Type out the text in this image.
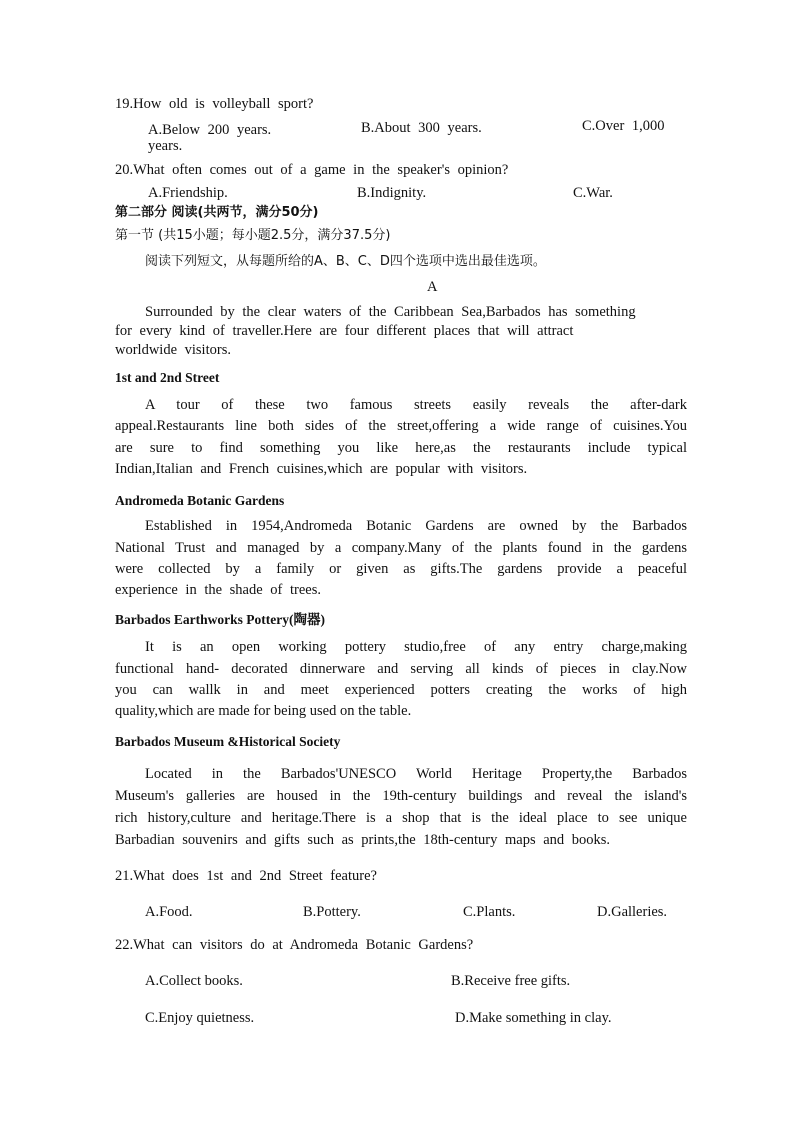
19.How old is volleyball sport?
A.Below 200 years.	B.About 300 years.	C.Over 1,000
years.
20.What often comes out of a game in the speaker's opinion?
A.Friendship.	B.Indignity.	C.War.
第二部分 阅读(共两节，满分50分)
第一节 (共15小题；每小题2.5分，满分37.5分)
阅读下列短文，从每题所给的A、B、C、D四个选项中选出最佳选项。
A
Surrounded by the clear waters of the Caribbean Sea,Barbados has something
for every kind of traveller.Here are four different places that will attract
worldwide visitors.
1st and 2nd Street
A tour of these two famous streets easily reveals the after-dark
appeal.Restaurants line both sides of the street,offering a wide range of cuisines.You
are sure to find something you like here,as the restaurants include typical
Indian,Italian and French cuisines,which are popular with visitors.
Andromeda Botanic Gardens
Established in 1954,Andromeda Botanic Gardens are owned by the Barbados
National Trust and managed by a company.Many of the plants found in the gardens
were collected by a family or given as gifts.The gardens provide a peaceful
experience in the shade of trees.
Barbados Earthworks Pottery(陶器)
It is an open working pottery studio,free of any entry charge,making
functional hand- decorated dinnerware and serving all kinds of pieces in clay.Now
you can wallk in and meet experienced potters creating the works of high
quality,which are made for being used on the table.
Barbados Museum &Historical Society
Located in the Barbados'UNESCO World Heritage Property,the Barbados
Museum's galleries are housed in the 19th-century buildings and reveal the island's
rich history,culture and heritage.There is a shop that is the ideal place to see unique
Barbadian souvenirs and gifts such as prints,the 18th-century maps and books.
21.What does 1st and 2nd Street feature?
A.Food.	B.Pottery.	C.Plants.	D.Galleries.
22.What can visitors do at Andromeda Botanic Gardens?
A.Collect books.	B.Receive free gifts.
C.Enjoy quietness.	D.Make something in clay.
